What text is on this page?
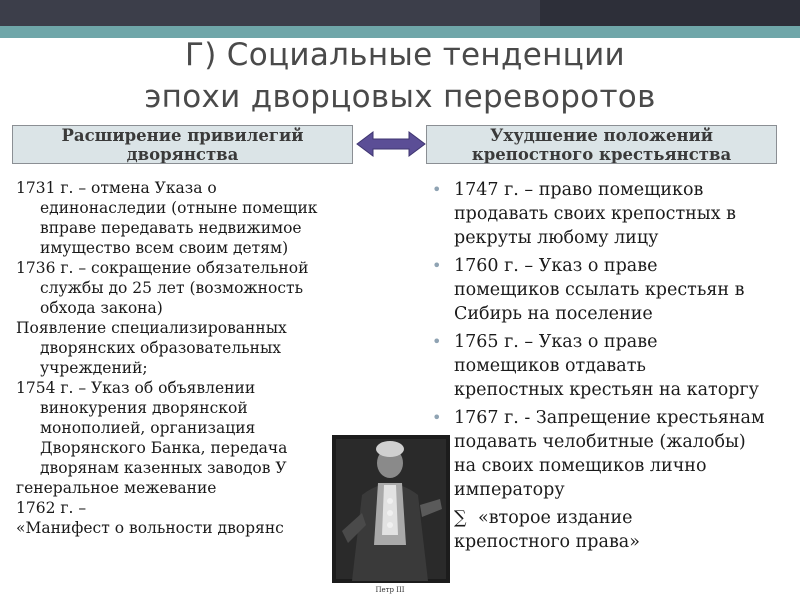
Г) Социальные тенденции
эпохи дворцовых переворотов
Расширение привилегий
дворянства
Ухудшение положений
крепостного крестьянства

1731 г. – отмена Указа о

единонаследии (отныне помещик

вправе передавать недвижимое

имущество всем своим детям)

1736 г. – сокращение обязательной

службы до 25 лет (возможность

обхода закона)

Появление специализированных

дворянских образовательных

учреждений;

1754 г. – Указ об объявлении

винокурения дворянской

монополией, организация

Дворянского Банка, передача

дворянам казенных заводов У

генеральное межевание

1762 г. –

«Манифест о вольности дворянс

• 1747 г. – право помещиков
продавать своих крепостных в
рекруты любому лицу
• 1760 г. – Указ о праве
помещиков ссылать крестьян в
Сибирь на поселение
• 1765 г. – Указ о праве
помещиков отдавать
крепостных крестьян на каторгу
• 1767 г. - Запрещение крестьянам
подавать челобитные (жалобы)
на своих помещиков лично
императору
∑ «второе издание
крепостного права»
Петр III
